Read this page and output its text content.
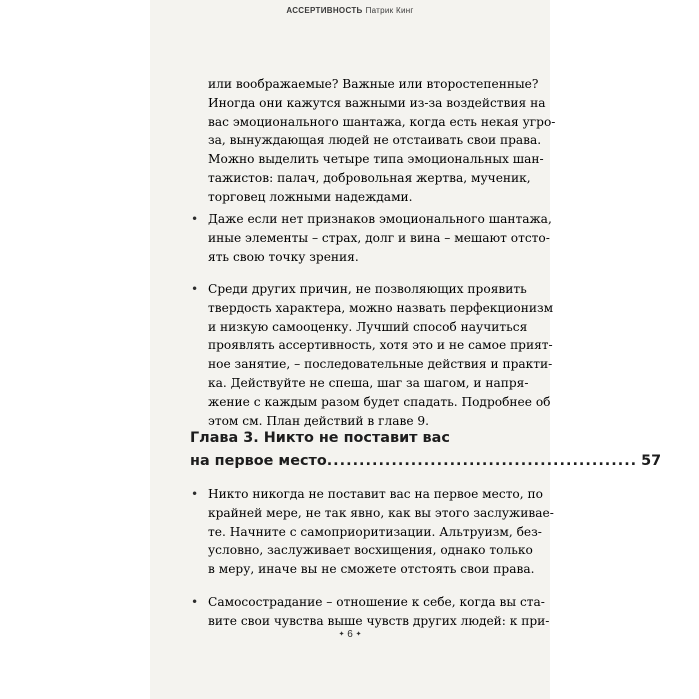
АССЕРТИВНОСТЬ Патрик Кинг
или воображаемые? Важные или второстепенные?
Иногда они кажутся важными из-за воздействия на
вас эмоционального шантажа, когда есть некая угро-
за, вынуждающая людей не отстаивать свои права.
Можно выделить четыре типа эмоциональных шан-
тажистов: палач, добровольная жертва, мученик,
торговец ложными надеждами.
• Даже если нет признаков эмоционального шантажа,
иные элементы – страх, долг и вина – мешают отсто-
ять свою точку зрения.
• Среди других причин, не позволяющих проявить
твердость характера, можно назвать перфекционизм
и низкую самооценку. Лучший способ научиться
проявлять ассертивность, хотя это и не самое прият-
ное занятие, – последовательные действия и практи-
ка. Действуйте не спеша, шаг за шагом, и напря-
жение с каждым разом будет спадать. Подробнее об
этом см. План действий в главе 9.
Глава 3. Никто не поставит вас
на первое место ................................................ 57
• Никто никогда не поставит вас на первое место, по
крайней мере, не так явно, как вы этого заслуживае-
те. Начните с самоприоритизации. Альтруизм, без-
условно, заслуживает восхищения, однако только
в меру, иначе вы не сможете отстоять свои права.
• Самосострадание – отношение к себе, когда вы ста-
вите свои чувства выше чувств других людей: к при-
✦ 6 ✦
